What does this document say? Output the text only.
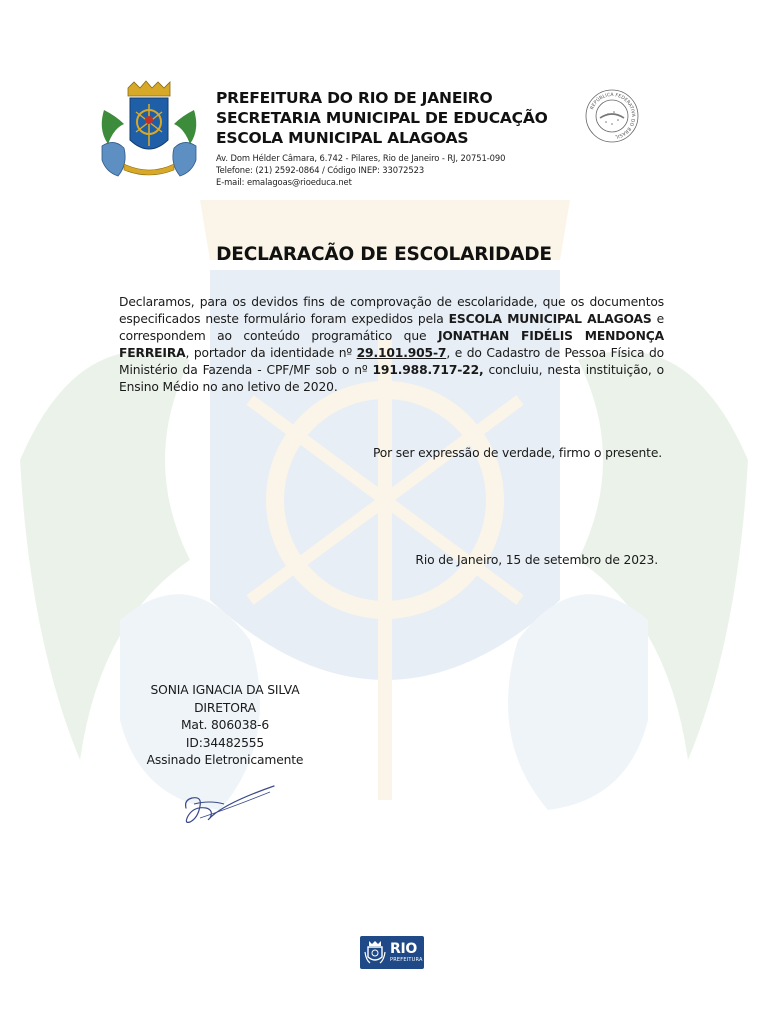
PREFEITURA DO RIO DE JANEIRO
SECRETARIA MUNICIPAL DE EDUCAÇÃO
ESCOLA MUNICIPAL ALAGOAS
Av. Dom Hélder Câmara, 6.742 - Pilares, Rio de Janeiro - RJ, 20751-090
Telefone: (21) 2592-0864 / Código INEP: 33072523
E-mail: emalagoas@rioeduca.net
REPÚBLICA FEDERATIVA DO BRASIL
DECLARACÃO DE ESCOLARIDADE
Declaramos, para os devidos fins de comprovação de escolaridade, que os documentos especificados neste formulário foram expedidos pela ESCOLA MUNICIPAL ALAGOAS e correspondem ao conteúdo programático que JONATHAN FIDÉLIS MENDONÇA FERREIRA, portador da identidade nº 29.101.905-7, e do Cadastro de Pessoa Física do Ministério da Fazenda - CPF/MF sob o nº 191.988.717-22, concluiu, nesta instituição, o Ensino Médio no ano letivo de 2020.
Por ser expressão de verdade, firmo o presente.
Rio de Janeiro, 15 de setembro de 2023.
SONIA IGNACIA DA SILVA
DIRETORA
Mat. 806038-6
ID:34482555
Assinado Eletronicamente
RIO
PREFEITURA
